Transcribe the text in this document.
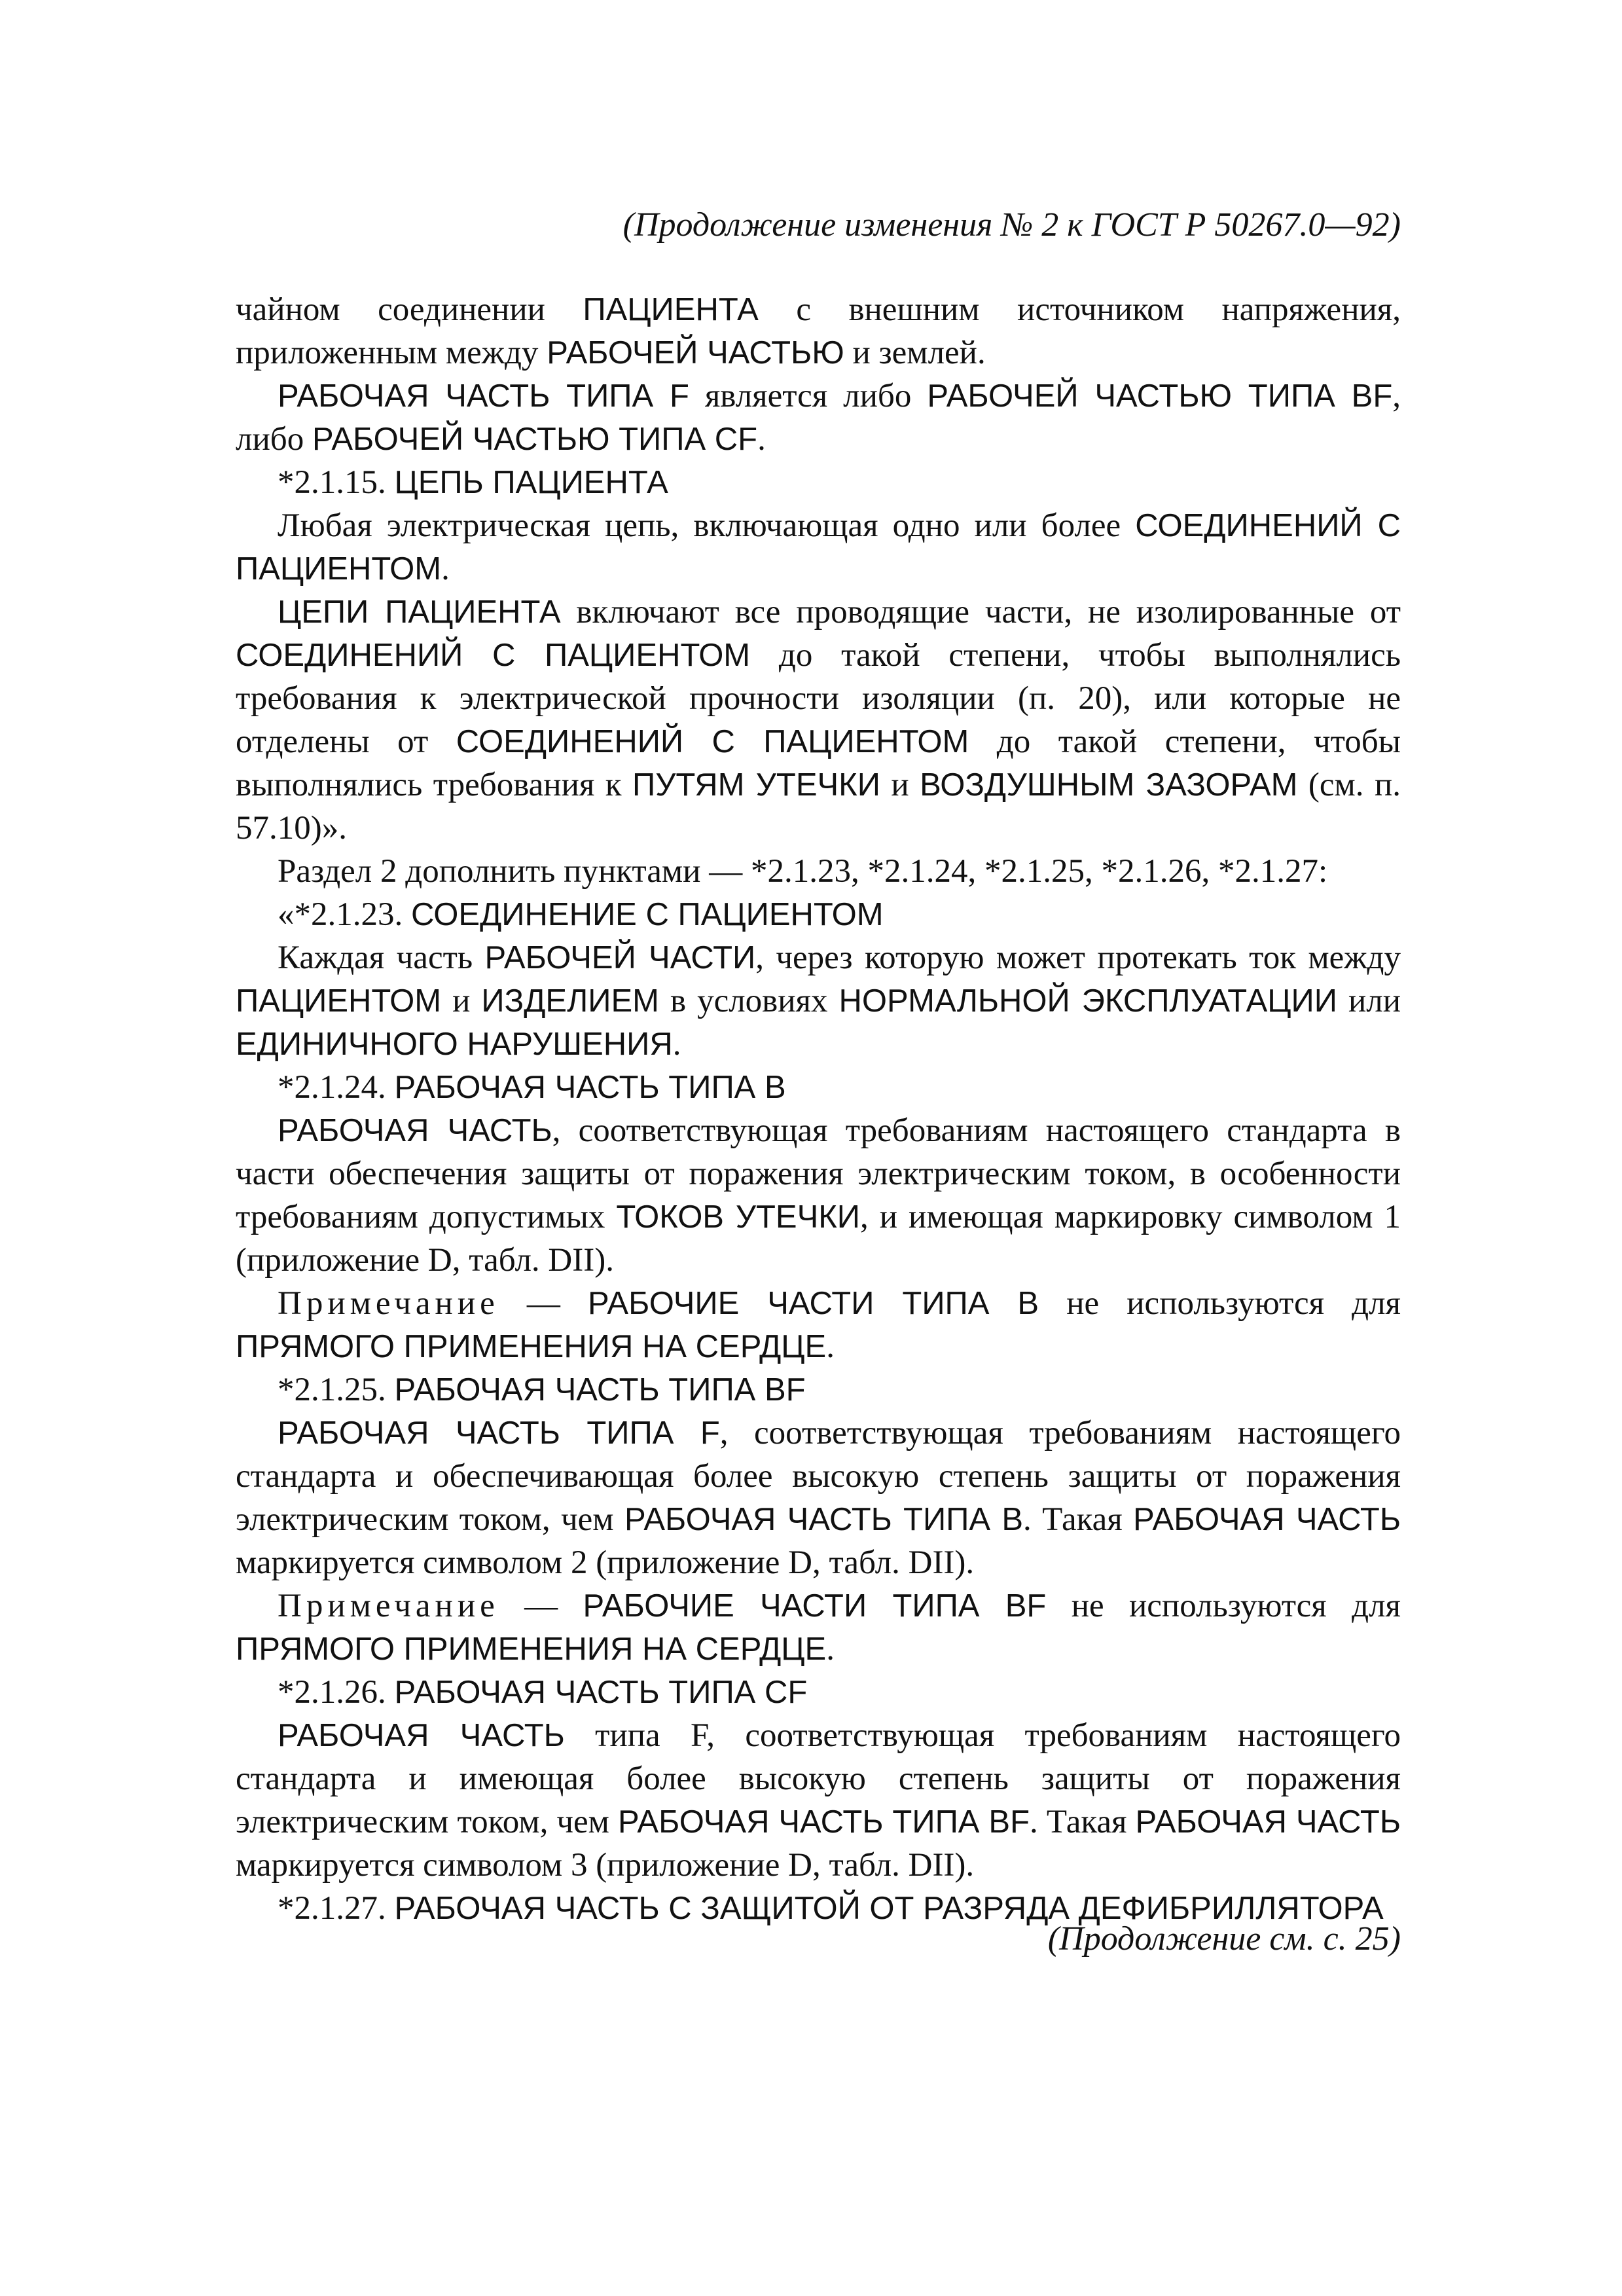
(Продолжение изменения № 2 к ГОСТ Р 50267.0—92)

чайном соединении ПАЦИЕНТА с внешним источником напряжения, приложенным между РАБОЧЕЙ ЧАСТЬЮ и землей.

РАБОЧАЯ ЧАСТЬ ТИПА F является либо РАБОЧЕЙ ЧАСТЬЮ ТИПА BF, либо РАБОЧЕЙ ЧАСТЬЮ ТИПА CF.

*2.1.15. ЦЕПЬ ПАЦИЕНТА

Любая электрическая цепь, включающая одно или более СОЕДИНЕНИЙ С ПАЦИЕНТОМ.

ЦЕПИ ПАЦИЕНТА включают все проводящие части, не изолированные от СОЕДИНЕНИЙ С ПАЦИЕНТОМ до такой степени, чтобы выполнялись требования к электрической прочности изоляции (п. 20), или которые не отделены от СОЕДИНЕНИЙ С ПАЦИЕНТОМ до такой степени, чтобы выполнялись требования к ПУТЯМ УТЕЧКИ и ВОЗДУШНЫМ ЗАЗОРАМ (см. п. 57.10)».

Раздел 2 дополнить пунктами — *2.1.23, *2.1.24, *2.1.25, *2.1.26, *2.1.27:

«*2.1.23. СОЕДИНЕНИЕ С ПАЦИЕНТОМ

Каждая часть РАБОЧЕЙ ЧАСТИ, через которую может протекать ток между ПАЦИЕНТОМ и ИЗДЕЛИЕМ в условиях НОРМАЛЬНОЙ ЭКСПЛУАТАЦИИ или ЕДИНИЧНОГО НАРУШЕНИЯ.

*2.1.24. РАБОЧАЯ ЧАСТЬ ТИПА В

РАБОЧАЯ ЧАСТЬ, соответствующая требованиям настоящего стандарта в части обеспечения защиты от поражения электрическим током, в особенности требованиям допустимых ТОКОВ УТЕЧКИ, и имеющая маркировку символом 1 (приложение D, табл. DII).

Примечание — РАБОЧИЕ ЧАСТИ ТИПА В не используются для ПРЯМОГО ПРИМЕНЕНИЯ НА СЕРДЦЕ.

*2.1.25. РАБОЧАЯ ЧАСТЬ ТИПА BF

РАБОЧАЯ ЧАСТЬ ТИПА F, соответствующая требованиям настоящего стандарта и обеспечивающая более высокую степень защиты от поражения электрическим током, чем РАБОЧАЯ ЧАСТЬ ТИПА В. Такая РАБОЧАЯ ЧАСТЬ маркируется символом 2 (приложение D, табл. DII).

Примечание — РАБОЧИЕ ЧАСТИ ТИПА BF не используются для ПРЯМОГО ПРИМЕНЕНИЯ НА СЕРДЦЕ.

*2.1.26. РАБОЧАЯ ЧАСТЬ ТИПА CF

РАБОЧАЯ ЧАСТЬ типа F, соответствующая требованиям настоящего стандарта и имеющая более высокую степень защиты от поражения электрическим током, чем РАБОЧАЯ ЧАСТЬ ТИПА BF. Такая РАБОЧАЯ ЧАСТЬ маркируется символом 3 (приложение D, табл. DII).

*2.1.27. РАБОЧАЯ ЧАСТЬ С ЗАЩИТОЙ ОТ РАЗРЯДА ДЕФИБРИЛЛЯТОРА

(Продолжение см. с. 25)
